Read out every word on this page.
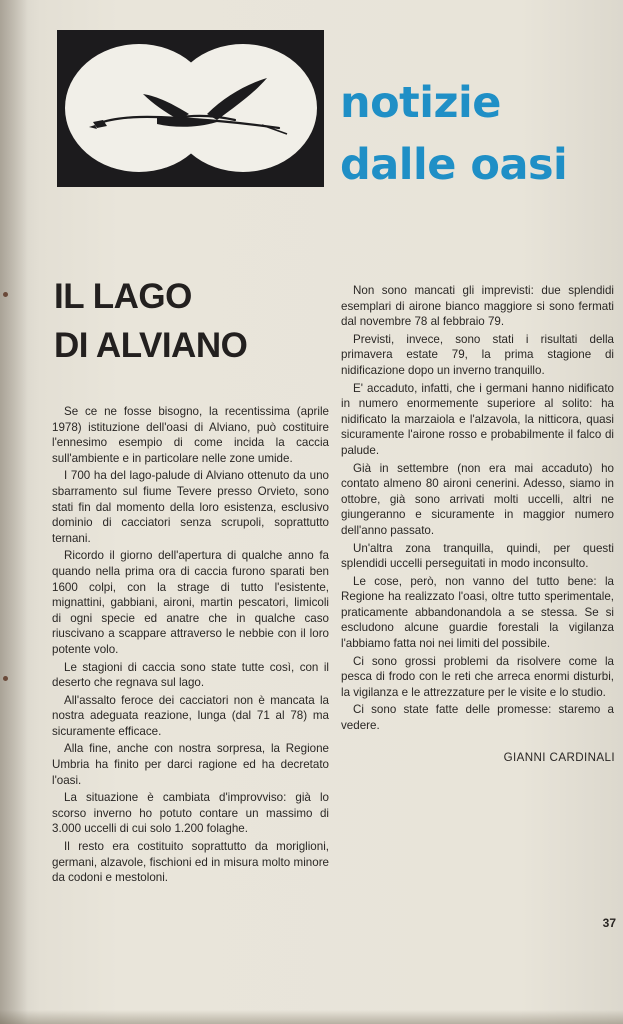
notizie
dalle oasi
IL LAGO
DI ALVIANO

Se ce ne fosse bisogno, la recentissima (aprile 1978) istituzione dell'oasi di Alviano, può costituire l'ennesimo esempio di come incida la caccia sull'ambiente e in particolare nelle zone umide.

I 700 ha del lago-palude di Alviano ottenuto da uno sbarramento sul fiume Tevere presso Orvieto, sono stati fin dal momento della loro esistenza, esclusivo dominio di cacciatori senza scrupoli, soprattutto ternani.

Ricordo il giorno dell'apertura di qualche anno fa quando nella prima ora di caccia furono sparati ben 1600 colpi, con la strage di tutto l'esistente, mignattini, gabbiani, aironi, martin pescatori, limicoli di ogni specie ed anatre che in qualche caso riuscivano a scappare attraverso le nebbie con il loro potente volo.

Le stagioni di caccia sono state tutte così, con il deserto che regnava sul lago.

All'assalto feroce dei cacciatori non è mancata la nostra adeguata reazione, lunga (dal 71 al 78) ma sicuramente efficace.

Alla fine, anche con nostra sorpresa, la Regione Umbria ha finito per darci ragione ed ha decretato l'oasi.

La situazione è cambiata d'improvviso: già lo scorso inverno ho potuto contare un massimo di 3.000 uccelli di cui solo 1.200 folaghe.

Il resto era costituito soprattutto da moriglioni, germani, alzavole, fischioni ed in misura molto minore da codoni e mestoloni.

Non sono mancati gli imprevisti: due splendidi esemplari di airone bianco maggiore si sono fermati dal novembre 78 al febbraio 79.

Previsti, invece, sono stati i risultati della primavera estate 79, la prima stagione di nidificazione dopo un inverno tranquillo.

E' accaduto, infatti, che i germani hanno nidificato in numero enormemente superiore al solito: ha nidificato la marzaiola e l'alzavola, la nitticora, quasi sicuramente l'airone rosso e probabilmente il falco di palude.

Già in settembre (non era mai accaduto) ho contato almeno 80 aironi cenerini. Adesso, siamo in ottobre, già sono arrivati molti uccelli, altri ne giungeranno e sicuramente in maggior numero dell'anno passato.

Un'altra zona tranquilla, quindi, per questi splendidi uccelli perseguitati in modo inconsulto.

Le cose, però, non vanno del tutto bene: la Regione ha realizzato l'oasi, oltre tutto sperimentale, praticamente abbandonandola a se stessa. Se si escludono alcune guardie forestali la vigilanza l'abbiamo fatta noi nei limiti del possibile.

Ci sono grossi problemi da risolvere come la pesca di frodo con le reti che arreca enormi disturbi, la vigilanza e le attrezzature per le visite e lo studio.

Ci sono state fatte delle promesse: staremo a vedere.

GIANNI CARDINALI
37
